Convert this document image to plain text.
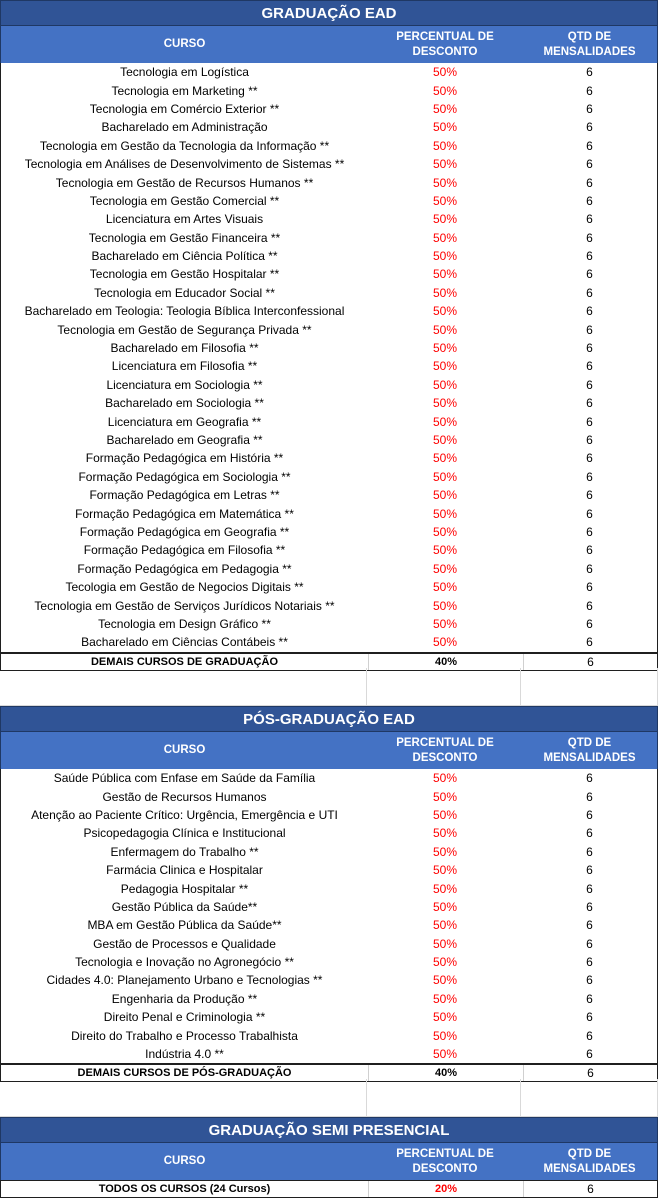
GRADUAÇÃO EAD
CURSO
PERCENTUAL DE DESCONTO
QTD DE MENSALIDADES
Tecnologia em Logística	50%	6
Tecnologia em Marketing **	50%	6
Tecnologia em Comércio Exterior **	50%	6
Bacharelado em Administração	50%	6
Tecnologia em Gestão da Tecnologia da Informação **	50%	6
Tecnologia em Análises de Desenvolvimento de Sistemas **	50%	6
Tecnologia em Gestão de Recursos Humanos **	50%	6
Tecnologia em Gestão Comercial **	50%	6
Licenciatura em Artes Visuais	50%	6
Tecnologia em Gestão Financeira **	50%	6
Bacharelado em Ciência Política **	50%	6
Tecnologia em Gestão Hospitalar **	50%	6
Tecnologia em Educador Social **	50%	6
Bacharelado em Teologia: Teologia Bíblica Interconfessional	50%	6
Tecnologia em Gestão de Segurança Privada **	50%	6
Bacharelado em Filosofia **	50%	6
Licenciatura em Filosofia **	50%	6
Licenciatura em Sociologia **	50%	6
Bacharelado em Sociologia **	50%	6
Licenciatura em Geografia **	50%	6
Bacharelado em Geografia **	50%	6
Formação Pedagógica em História **	50%	6
Formação Pedagógica em Sociologia **	50%	6
Formação Pedagógica em Letras **	50%	6
Formação Pedagógica em Matemática **	50%	6
Formação Pedagógica em Geografia **	50%	6
Formação Pedagógica em Filosofia **	50%	6
Formação Pedagógica em Pedagogia **	50%	6
Tecologia em Gestão de Negocios Digitais **	50%	6
Tecnologia em Gestão de Serviços Jurídicos Notariais **	50%	6
Tecnologia em Design Gráfico **	50%	6
Bacharelado em Ciências Contábeis **	50%	6
DEMAIS CURSOS DE GRADUAÇÃO	40%	6
PÓS-GRADUAÇÃO EAD
CURSO
PERCENTUAL DE DESCONTO
QTD DE MENSALIDADES
Saúde Pública com Enfase em Saúde da Família	50%	6
Gestão de Recursos Humanos	50%	6
Atenção ao Paciente Crítico: Urgência, Emergência e UTI	50%	6
Psicopedagogia Clínica e Institucional	50%	6
Enfermagem do Trabalho **	50%	6
Farmácia Clinica e Hospitalar	50%	6
Pedagogia Hospitalar **	50%	6
Gestão Pública da Saúde**	50%	6
MBA em Gestão Pública da Saúde**	50%	6
Gestão de Processos e Qualidade	50%	6
Tecnologia e Inovação no Agronegócio **	50%	6
Cidades 4.0: Planejamento Urbano e Tecnologias **	50%	6
Engenharia da Produção **	50%	6
Direito Penal e Criminologia **	50%	6
Direito do Trabalho e Processo Trabalhista	50%	6
Indústria 4.0 **	50%	6
DEMAIS CURSOS DE PÓS-GRADUAÇÃO	40%	6
GRADUAÇÃO SEMI PRESENCIAL
CURSO
PERCENTUAL DE DESCONTO
QTD DE MENSALIDADES
TODOS OS CURSOS (24 Cursos)	20%	6
